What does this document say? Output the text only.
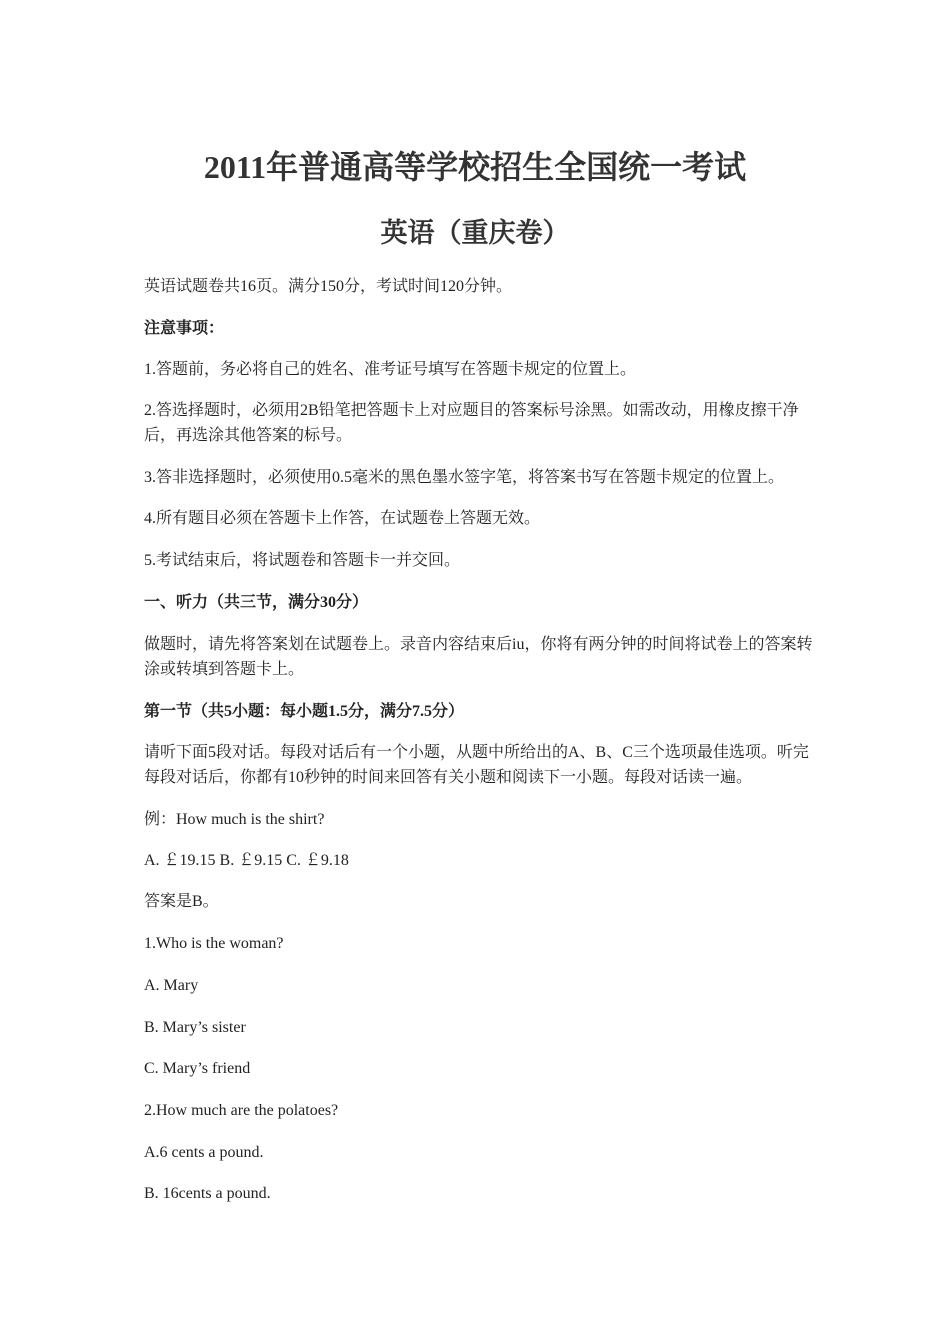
2011年普通高等学校招生全国统一考试
英语（重庆卷）

英语试题卷共16页。满分150分，考试时间120分钟。

注意事项：

1.答题前，务必将自己的姓名、准考证号填写在答题卡规定的位置上。

2.答选择题时，必须用2B铅笔把答题卡上对应题目的答案标号涂黑。如需改动，用橡皮擦干净后，再选涂其他答案的标号。

3.答非选择题时，必须使用0.5毫米的黑色墨水签字笔，将答案书写在答题卡规定的位置上。

4.所有题目必须在答题卡上作答，在试题卷上答题无效。

5.考试结束后，将试题卷和答题卡一并交回。

一、听力（共三节，满分30分）

做题时，请先将答案划在试题卷上。录音内容结束后iu，你将有两分钟的时间将试卷上的答案转涂或转填到答题卡上。

第一节（共5小题：每小题1.5分，满分7.5分）

请听下面5段对话。每段对话后有一个小题，从题中所给出的A、B、C三个选项最佳选项。听完每段对话后，你都有10秒钟的时间来回答有关小题和阅读下一小题。每段对话读一遍。

例：How much is the shirt?

A. ￡19.15 B. ￡9.15 C. ￡9.18

答案是B。

1.Who is the woman?

A. Mary

B. Mary’s sister

C. Mary’s friend

2.How much are the polatoes?

A.6 cents a pound.

B. 16cents a pound.
